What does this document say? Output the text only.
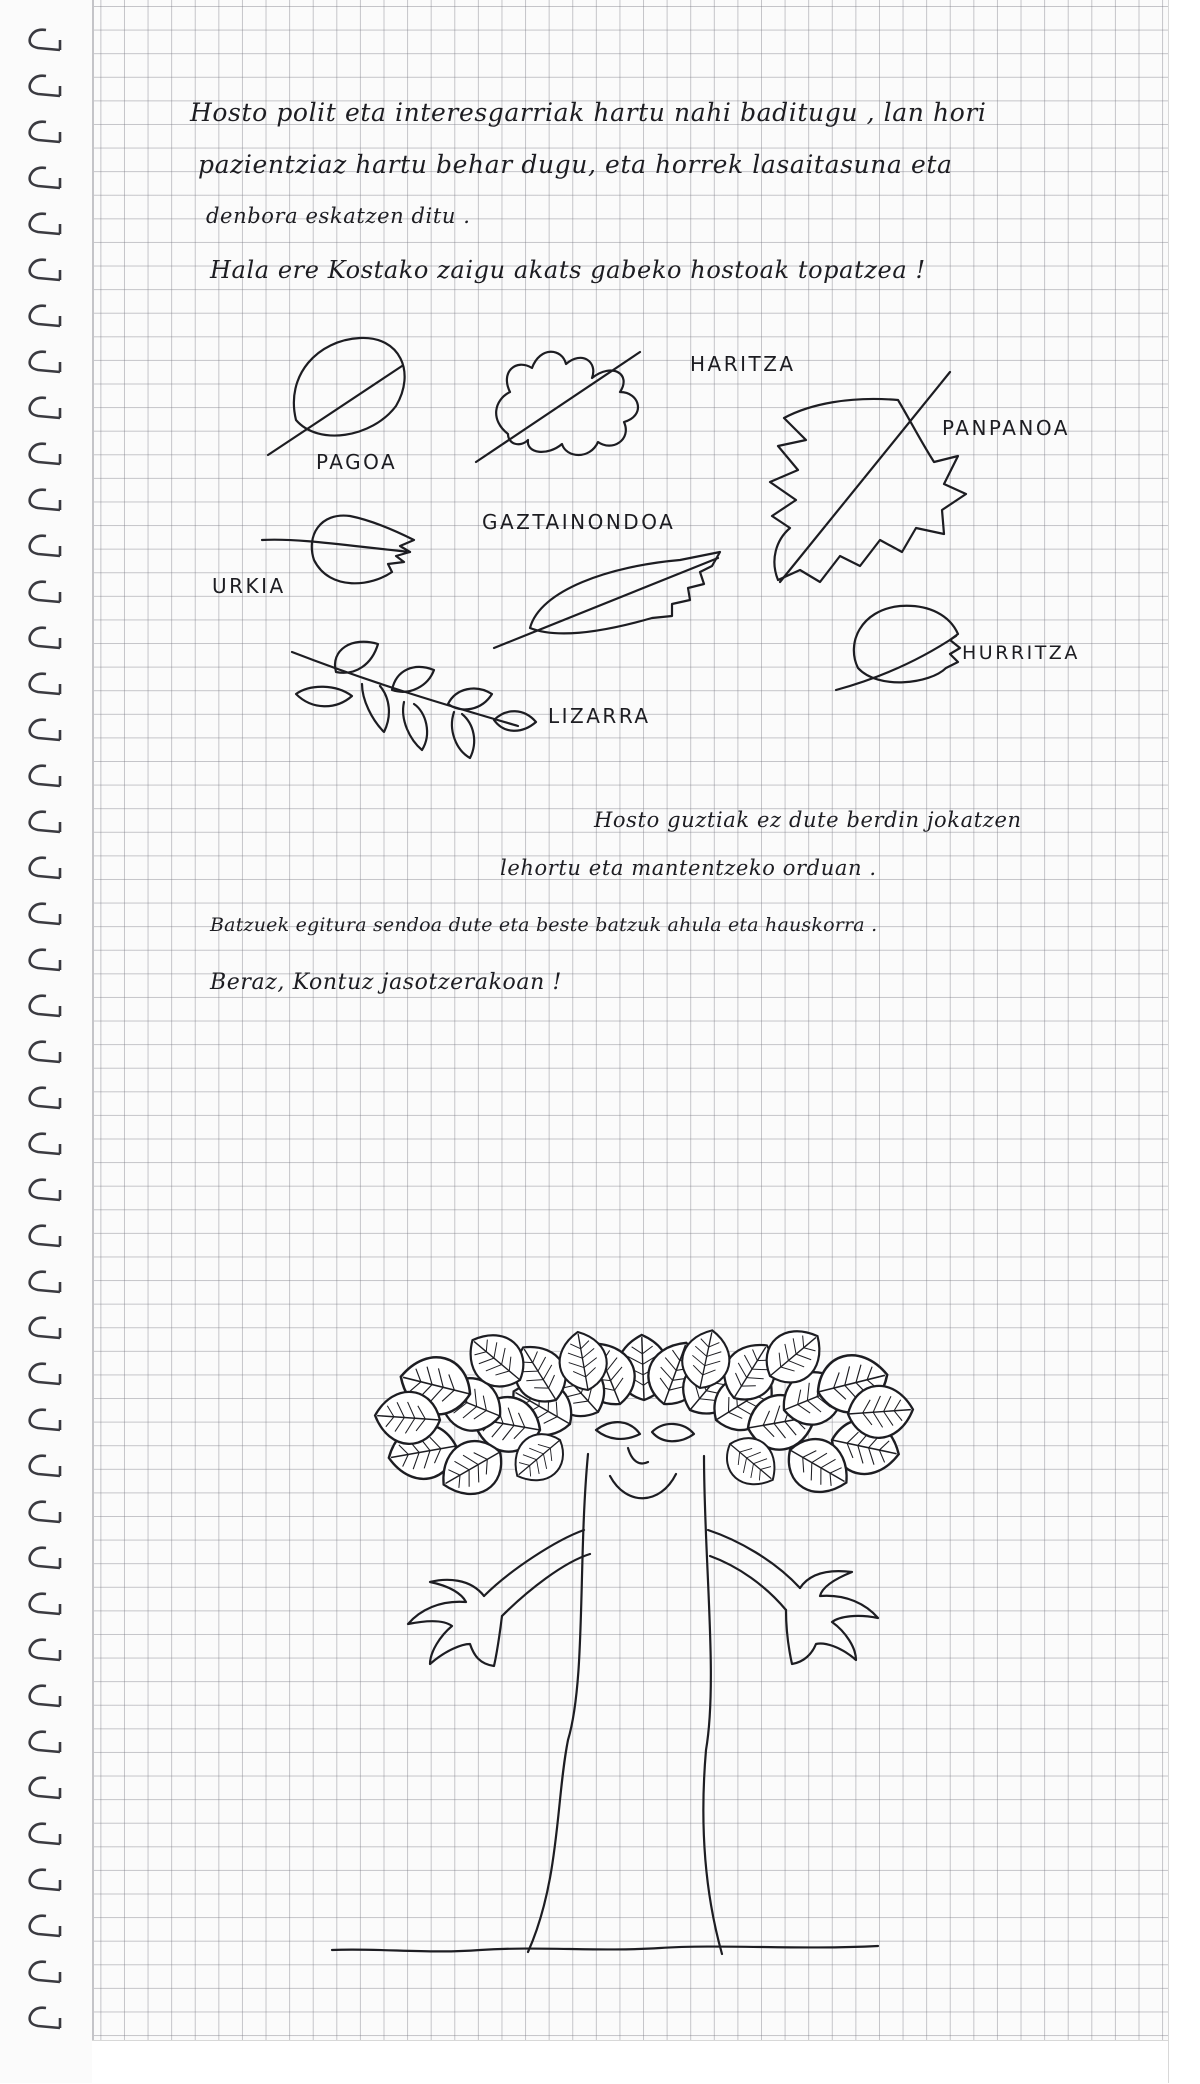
Hosto polit eta interesgarriak hartu nahi baditugu , lan hori
pazientziaz hartu behar dugu, eta horrek lasaitasuna eta
denbora eskatzen ditu .
Hala ere Kostako zaigu akats gabeko hostoak topatzea !
PAGOA
HARITZA
PANPANOA
GAZTAINONDOA
URKIA
HURRITZA
LIZARRA
Hosto guztiak ez dute berdin jokatzen
lehortu eta mantentzeko orduan .
Batzuek egitura sendoa dute eta beste batzuk ahula eta hauskorra .
Beraz, Kontuz jasotzerakoan !
